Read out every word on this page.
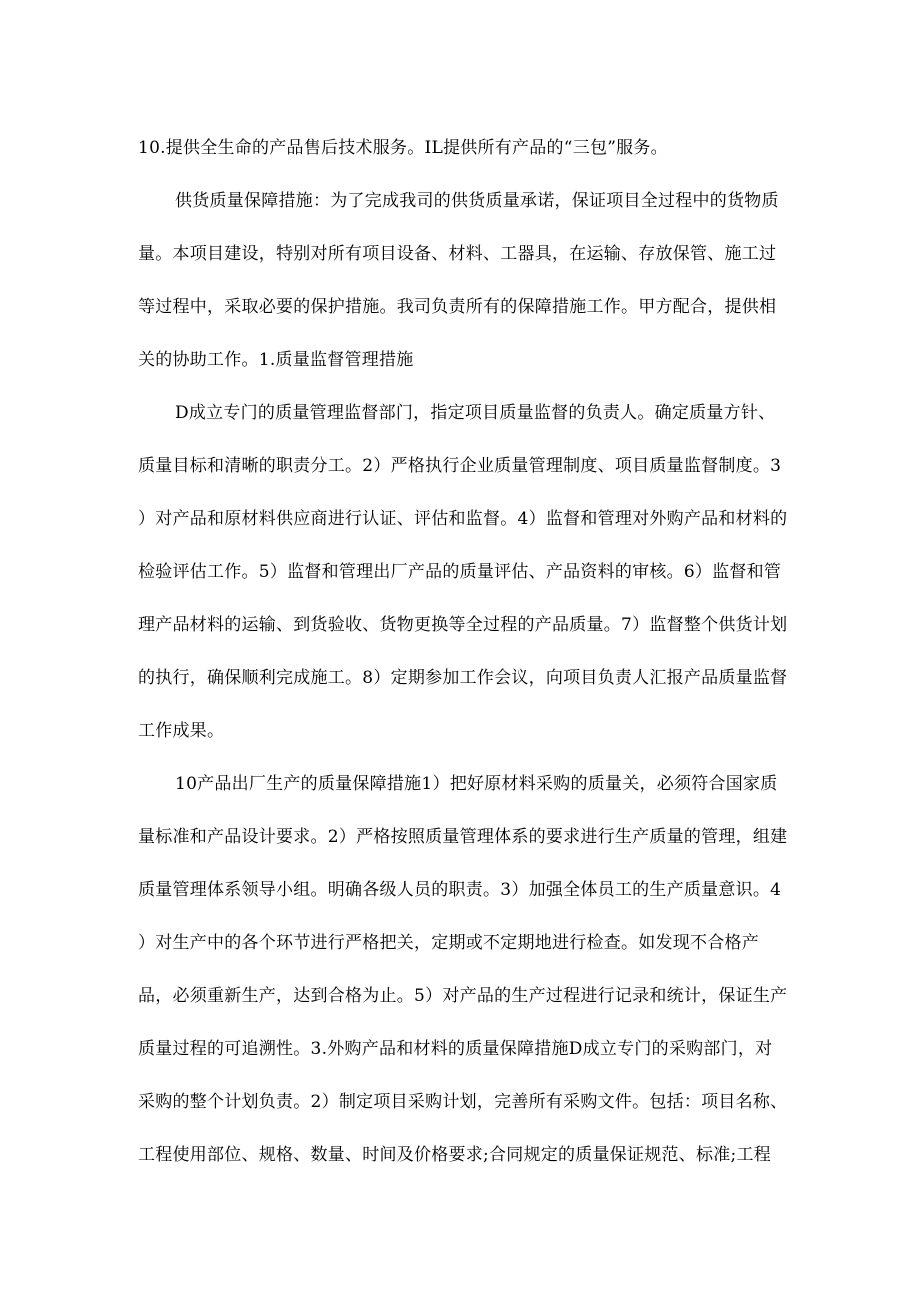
10.提供全生命的产品售后技术服务。IL提供所有产品的“三包”服务。
供货质量保障措施：为了完成我司的供货质量承诺，保证项目全过程中的货物质
量。本项目建设，特别对所有项目设备、材料、工器具，在运输、存放保管、施工过
等过程中，采取必要的保护措施。我司负责所有的保障措施工作。甲方配合，提供相
关的协助工作。1.质量监督管理措施
D成立专门的质量管理监督部门，指定项目质量监督的负责人。确定质量方针、
质量目标和清晰的职责分工。2）严格执行企业质量管理制度、项目质量监督制度。3
）对产品和原材料供应商进行认证、评估和监督。4）监督和管理对外购产品和材料的
检验评估工作。5）监督和管理出厂产品的质量评估、产品资料的审核。6）监督和管
理产品材料的运输、到货验收、货物更换等全过程的产品质量。7）监督整个供货计划
的执行，确保顺利完成施工。8）定期参加工作会议，向项目负责人汇报产品质量监督
工作成果。
10产品出厂生产的质量保障措施1）把好原材料采购的质量关，必须符合国家质
量标准和产品设计要求。2）严格按照质量管理体系的要求进行生产质量的管理，组建
质量管理体系领导小组。明确各级人员的职责。3）加强全体员工的生产质量意识。4
）对生产中的各个环节进行严格把关，定期或不定期地进行检查。如发现不合格产
品，必须重新生产，达到合格为止。5）对产品的生产过程进行记录和统计，保证生产
质量过程的可追溯性。3.外购产品和材料的质量保障措施D成立专门的采购部门，对
采购的整个计划负责。2）制定项目采购计划，完善所有采购文件。包括：项目名称、
工程使用部位、规格、数量、时间及价格要求;合同规定的质量保证规范、标准;工程
